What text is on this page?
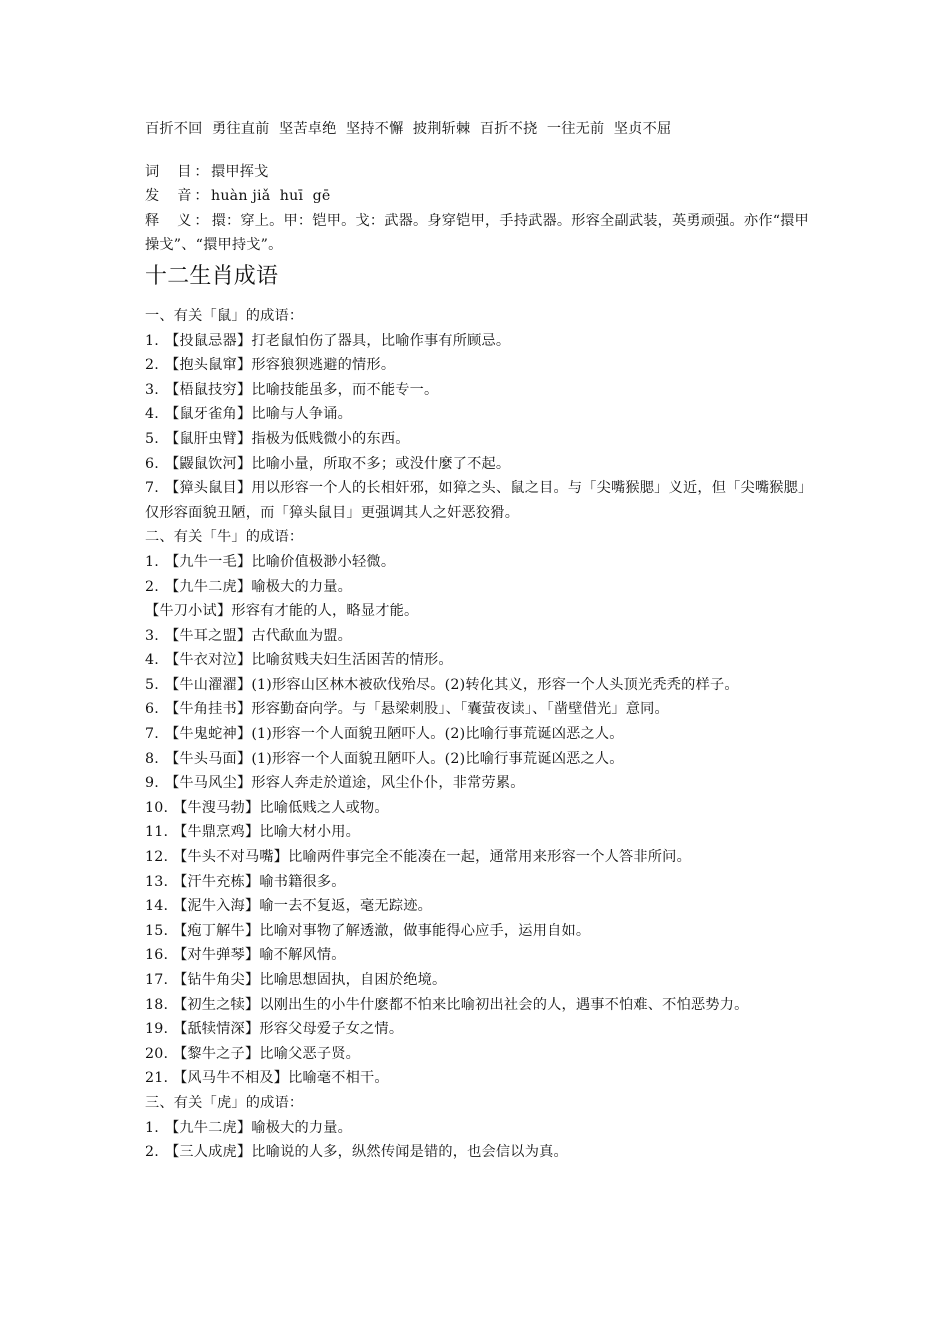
百折不回  勇往直前  坚苦卓绝  坚持不懈  披荆斩棘  百折不挠  一往无前  坚贞不屈
词  目： 擐甲挥戈
发  音： huàn jiǎ  huī  gē
释  义：擐：穿上。甲：铠甲。戈：武器。身穿铠甲，手持武器。形容全副武装，英勇顽强。亦作“擐甲操戈”、“擐甲持戈”。
十二生肖成语
一、有关「鼠」的成语：
1. 【投鼠忌器】打老鼠怕伤了器具，比喻作事有所顾忌。
2. 【抱头鼠窜】形容狼狈逃避的情形。
3. 【梧鼠技穷】比喻技能虽多，而不能专一。
4. 【鼠牙雀角】比喻与人争诵。
5. 【鼠肝虫臂】指极为低贱微小的东西。
6. 【鼹鼠饮河】比喻小量，所取不多；或没什麼了不起。
7. 【獐头鼠目】用以形容一个人的长相奸邪，如獐之头、鼠之目。与「尖嘴猴腮」义近，但「尖嘴猴腮」仅形容面貌丑陋，而「獐头鼠目」更强调其人之奸恶狡猾。
二、有关「牛」的成语：
1. 【九牛一毛】比喻价值极渺小轻微。
2. 【九牛二虎】喻极大的力量。
【牛刀小试】形容有才能的人，略显才能。
3. 【牛耳之盟】古代歃血为盟。
4. 【牛衣对泣】比喻贫贱夫妇生活困苦的情形。
5. 【牛山濯濯】(1)形容山区林木被砍伐殆尽。(2)转化其义，形容一个人头顶光秃秃的样子。
6. 【牛角挂书】形容勤奋向学。与「悬梁刺股」、「囊萤夜读」、「凿壁借光」意同。
7. 【牛鬼蛇神】(1)形容一个人面貌丑陋吓人。(2)比喻行事荒诞凶恶之人。
8. 【牛头马面】(1)形容一个人面貌丑陋吓人。(2)比喻行事荒诞凶恶之人。
9. 【牛马风尘】形容人奔走於道途，风尘仆仆，非常劳累。
10. 【牛溲马勃】比喻低贱之人或物。
11. 【牛鼎烹鸡】比喻大材小用。
12. 【牛头不对马嘴】比喻两件事完全不能凑在一起，通常用来形容一个人答非所问。
13. 【汗牛充栋】喻书籍很多。
14. 【泥牛入海】喻一去不复返，毫无踪迹。
15. 【疱丁解牛】比喻对事物了解透澈，做事能得心应手，运用自如。
16. 【对牛弹琴】喻不解风情。
17. 【钻牛角尖】比喻思想固执，自困於绝境。
18. 【初生之犊】以刚出生的小牛什麽都不怕来比喻初出社会的人，遇事不怕难、不怕恶势力。
19. 【舐犊情深】形容父母爱子女之情。
20. 【黎牛之子】比喻父恶子贤。
21. 【风马牛不相及】比喻毫不相干。
三、有关「虎」的成语：
1. 【九牛二虎】喻极大的力量。
2. 【三人成虎】比喻说的人多，纵然传闻是错的，也会信以为真。
